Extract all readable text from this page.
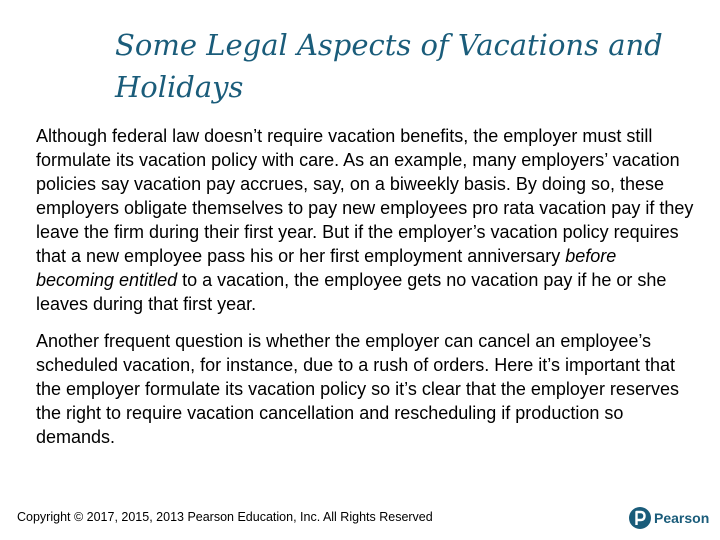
Some Legal Aspects of Vacations and Holidays

Although federal law doesn’t require vacation benefits, the employer must still formulate its vacation policy with care. As an example, many employers’ vacation policies say vacation pay accrues, say, on a biweekly basis. By doing so, these employers obligate themselves to pay new employees pro rata vacation pay if they leave the firm during their first year. But if the employer’s vacation policy requires that a new employee pass his or her first employment anniversary before becoming entitled to a vacation, the employee gets no vacation pay if he or she leaves during that first year.

Another frequent question is whether the employer can cancel an employee’s scheduled vacation, for instance, due to a rush of orders. Here it’s important that the employer formulate its vacation policy so it’s clear that the employer reserves the right to require vacation cancellation and rescheduling if production so demands.

Copyright © 2017, 2015, 2013 Pearson Education, Inc. All Rights Reserved	Pearson
